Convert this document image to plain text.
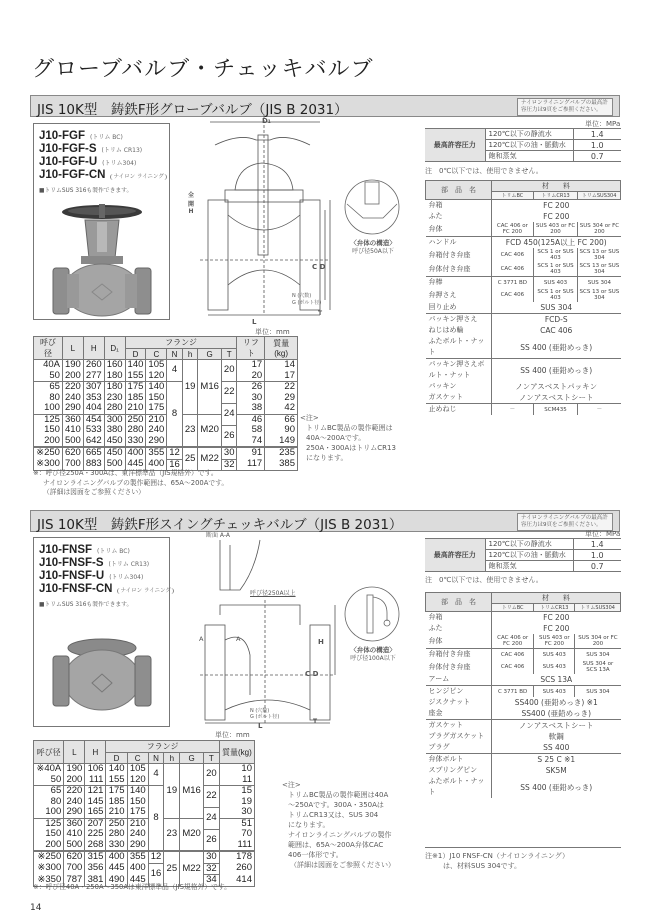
グローブバルブ・チェッキバルブ
JIS 10K型　鋳鉄F形グローブバルブ（JIS B 2031）	ナイロンライニングバルブの最高許容圧力は9頁をご参照ください。
J10-FGF (トリム BC)
J10-FGF-S (トリム CR13)
J10-FGF-U (トリム304)
J10-FGF-CN	ナイロン ライニング
■トリムSUS 316も製作できます。
D₁
全開 H
C D
L
N (穴数)
G (ボルト径)
T
〈弁体の構造〉
呼び径50A以下
単位：mm
呼び径	L	H	D₁	フランジ						リフト	質量(kg)
				D	C	N	h	G	T		
40A	190	260	160	140	105	4	19	M16	20	17	14
50	200	277	180	155	120					20	17
65	220	307	180	175	140	8			22	26	22
80	240	353	230	185	150					30	29
100	290	404	280	210	175				24	38	42
125	360	454	300	250	210		23	M20		46	66
150	410	533	380	280	240				26	58	90
200	500	642	450	330	290					74	149
※250	620	665	450	400	355	12	25	M22	30	91	235
※300	700	883	500	445	400	16			32	117	385
※：呼び径250A・300Aは、東洋標準品（JIS規格外）です。
ナイロンライニングバルブの製作範囲は、65A～200Aです。
（詳細は図面をご参照ください）
<注>
トリムBC製品の製作範囲は
40A～200Aです。
250A・300AはトリムCR13
になります。
単位：MPa
最高許容圧力	120℃以下の静流水	1.4
	120℃以下の油・脈動水	1.0
	飽和蒸気	0.7
注　0℃以下では、使用できません。
部　品　名	材　　料		
	トリムBC	トリムCR13	トリムSUS304
弁箱	FC 200		
ふた	FC 200		
弁体	CAC 406 or FC 200	SUS 403 or FC 200	SUS 304 or FC 200
ハンドル	FCD 450(125A以上 FC 200)		
弁箱付き弁座	CAC 406	SCS 1 or SUS 403	SCS 13 or SUS 304
弁体付き弁座	CAC 406	SCS 1 or SUS 403	SCS 13 or SUS 304
弁棒	C 3771 BD	SUS 403	SUS 304
弁押さえ	CAC 406	SCS 1 or SUS 403	SCS 13 or SUS 304
回り止め	SUS 304		
パッキン押さえ	FCD-S		
ねじはめ輪	CAC 406		
ふたボルト・ナット	SS 400 (亜鉛めっき)		
パッキン押さえボルト・ナット	SS 400 (亜鉛めっき)		
パッキン	ノンアスベストパッキン		
ガスケット	ノンアスベストシート		
止めねじ	－	SCM435	－
JIS 10K型　鋳鉄F形スイングチェッキバルブ（JIS B 2031）	ナイロンライニングバルブの最高許容圧力は9頁をご参照ください。
J10-FNSF (トリム BC)
J10-FNSF-S (トリム CR13)
J10-FNSF-U (トリム304)
J10-FNSF-CN	ナイロン ライニング
■トリムSUS 316も製作できます。
断面 A-A
呼び径250A以上
A	A	H
C D
L
N (穴数)
G (ボルト径)
T
〈弁体の構造〉
呼び径100A以下
単位：mm
呼び径	L	H	フランジ						質量(kg)
			D	C	N	h	G	T	
※40A	190	106	140	105	4	19	M16	20	10
50	200	111	155	120					11
65	220	121	175	140	8			22	15
80	240	145	185	150					19
100	290	165	210	175				24	30
125	360	207	250	210		23	M20		51
150	410	225	280	240				26	70
200	500	268	330	290					111
※250	620	315	400	355	12	25	M22	30	178
※300	700	356	445	400	16			32	260
※350	787	381	490	445				34	414
※：呼び径40A・250A～350Aは東洋標準品（JIS規格外）です。
<注>
トリムBC製品の製作範囲は40A
～250Aです。300A・350Aは
トリムCR13又は、SUS 304
になります。
ナイロンライニングバルブの製作
範囲は、65A～200A弁体CAC
406一体形です。
（詳細は図面をご参照ください）
単位：MPa
最高許容圧力	120℃以下の静流水	1.4
	120℃以下の油・脈動水	1.0
	飽和蒸気	0.7
注　0℃以下では、使用できません。
部　品　名	材　　料		
	トリムBC	トリムCR13	トリムSUS304
弁箱	FC 200		
ふた	FC 200		
弁体	CAC 406 or FC 200	SUS 403 or FC 200	SUS 304 or FC 200
弁箱付き弁座	CAC 406	SUS 403	SUS 304
弁体付き弁座	CAC 406	SUS 403	SUS 304 or SCS 13A
アーム	SCS 13A		
ヒンジピン	C 3771 BD	SUS 403	SUS 304
ジスクナット	SS400 (亜鉛めっき) ※1		
座金	SS400 (亜鉛めっき)		
ガスケット	ノンアスベストシート		
プラグガスケット	軟鋼		
プラグ	SS 400		
弁体ボルト	S 25 C ※1		
スプリングピン	SK5M		
ふたボルト・ナット	SS 400 (亜鉛めっき)		
注※1）J10 FNSF-CN（ナイロンライニング）
は、材料SUS 304です。
14
